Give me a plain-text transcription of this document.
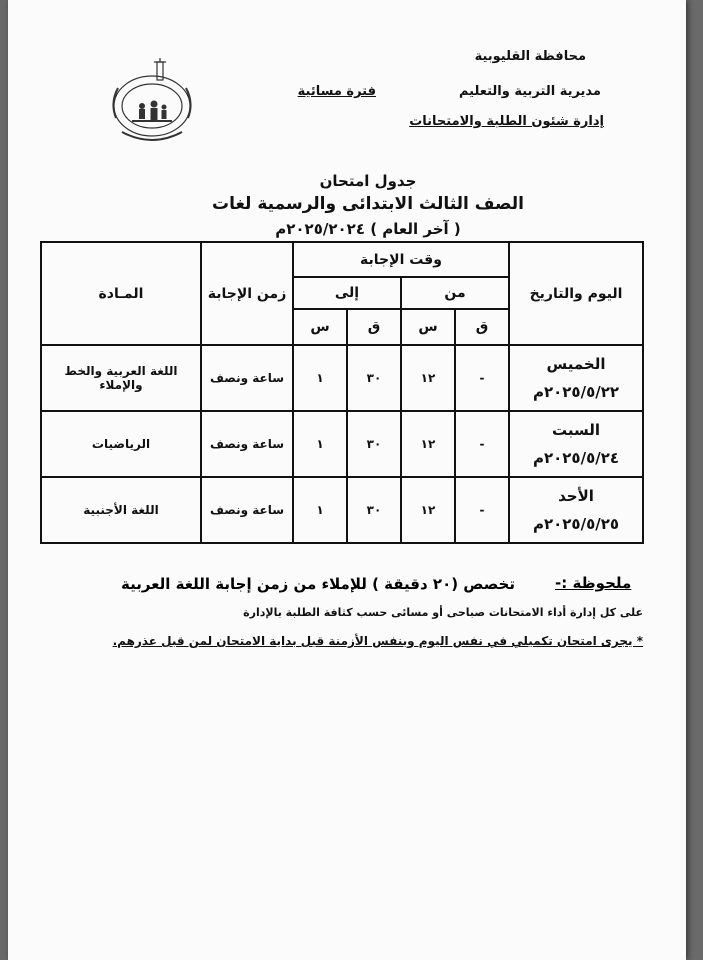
محافظة القليوبية
مديرية التربية والتعليم
إدارة شئون الطلبة والامتحانات
فترة مسائية
جدول امتحان
الصف الثالث الابتدائى والرسمية لغات
( آخر العام ) ٢٠٢٥/٢٠٢٤م
اليوم والتاريخ	وقت الإجابة				زمن الإجابة	المـادة
	من		إلى			
	ق	س	ق	س		

الخميس
٢٠٢٥/٥/٢٢م	-	١٢	٣٠	١	ساعة ونصف	اللغة العربية والخط والإملاء

السبت
٢٠٢٥/٥/٢٤م	-	١٢	٣٠	١	ساعة ونصف	الرياضيات

الأحد
٢٠٢٥/٥/٢٥م	-	١٢	٣٠	١	ساعة ونصف	اللغة الأجنبية
ملحوظة :-
تخصص (٢٠ دقيقة ) للإملاء من زمن إجابة اللغة العربية
على كل إدارة أداء الامتحانات صباحى أو مسائى حسب كثافة الطلبة بالإدارة
* يجرى امتحان تكميلي في نفس اليوم وبنفس الأزمنة قبل بداية الامتحان لمن قبل عذرهم.
